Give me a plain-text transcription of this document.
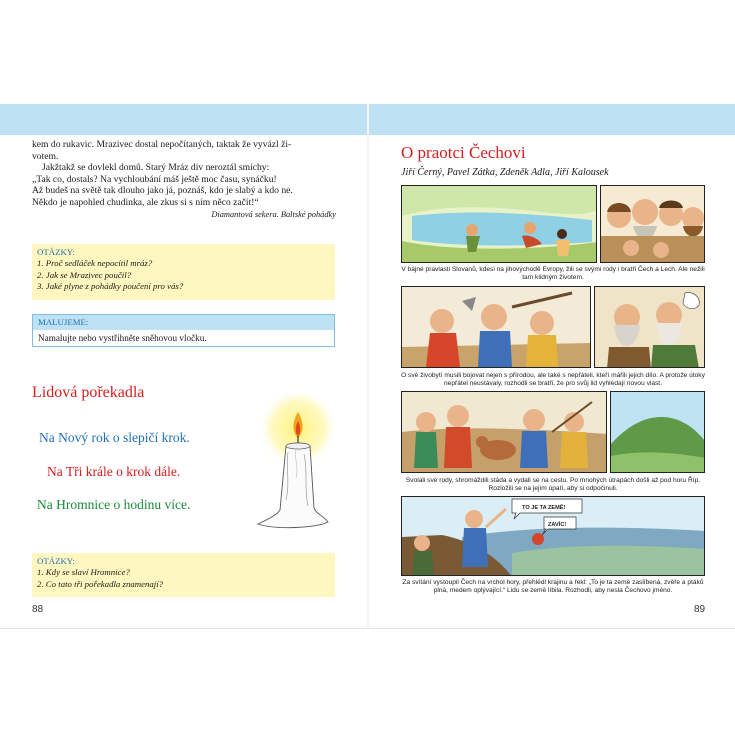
kem do rukavic. Mrazivec dostal nepočítaných, taktak že vyvázl ži-

votem.

Jakžtakž se dovlekl domů. Starý Mráz div neroztál smíchy:

„Tak co, dostals? Na vychloubání máš ještě moc času, synáčku!

Až budeš na světě tak dlouho jako já, poznáš, kdo je slabý a kdo ne.

Někdo je napohled chudinka, ale zkus si s ním něco začít!“

Diamantová sekera. Baltské pohádky

OTÁZKY:
1. Proč sedláček nepocítil mráz?
2. Jak se Mrazivec poučil?
3. Jaké plyne z pohádky poučení pro vás?
MALUJEME:
Namalujte nebo vystřihněte sněhovou vločku.
Lidová pořekadla
Na Nový rok o slepičí krok.
Na Tři krále o krok dále.
Na Hromnice o hodinu více.
OTÁZKY:
1. Kdy se slaví Hromnice?
2. Co tato tři pořekadla znamenají?
88
O praotci Čechovi
Jiří Černý, Pavel Zátka, Zdeněk Adla, Jiří Kalousek
V bájné pravlasti Slovanů, kdesi na jihovýchodě Evropy, žili se svými rody i bratři Čech a Lech. Ale nežili tam klidným životem.
O své živobytí musili bojovat nejen s přírodou, ale také s nepřáteli, kteří mářili jejich dílo. A protože útoky nepřátel neustávaly, rozhodli se bratři, že pro svůj lid vyhledají novou vlast.
Svolali své rody, shromáždili stáda a vydali se na cestu. Po mnohých útrapách došli až pod horu Říp. Rozložili se na jejím úpatí, aby si odpočinuli.
TO JE TA ZEMĚ!
ZAVÍC!
Za svítání vystoupil Čech na vrchol hory, přehlédl krajinu a řekl: „To je ta země zaslíbená, zvěře a ptáků plná, medem oplývající.“ Lidu se země líbila. Rozhodli, aby nesla Čechovo jméno.
89
